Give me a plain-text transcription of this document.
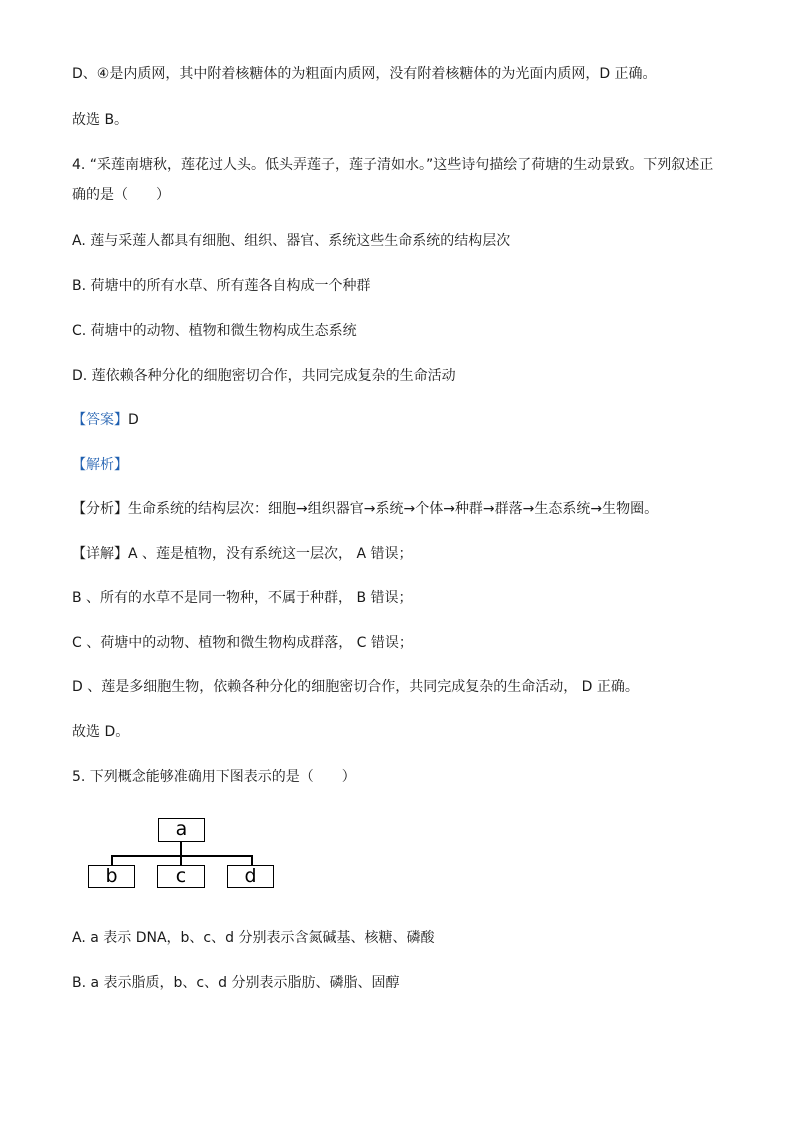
D、④是内质网，其中附着核糖体的为粗面内质网，没有附着核糖体的为光面内质网，D 正确。
故选 B。
4. “采莲南塘秋，莲花过人头。低头弄莲子，莲子清如水。”这些诗句描绘了荷塘的生动景致。下列叙述正
确的是（　　）
A. 莲与采莲人都具有细胞、组织、器官、系统这些生命系统的结构层次
B. 荷塘中的所有水草、所有莲各自构成一个种群
C. 荷塘中的动物、植物和微生物构成生态系统
D. 莲依赖各种分化的细胞密切合作，共同完成复杂的生命活动
【答案】D
【解析】
【分析】生命系统的结构层次：细胞→组织器官→系统→个体→种群→群落→生态系统→生物圈。
【详解】A 、莲是植物，没有系统这一层次， A 错误；
B 、所有的水草不是同一物种，不属于种群， B 错误；
C 、荷塘中的动物、植物和微生物构成群落， C 错误；
D 、莲是多细胞生物，依赖各种分化的细胞密切合作，共同完成复杂的生命活动， D 正确。
故选 D。
5. 下列概念能够准确用下图表示的是（　　）
a
b	c	d
A. a 表示 DNA，b、c、d 分别表示含氮碱基、核糖、磷酸
B. a 表示脂质，b、c、d 分别表示脂肪、磷脂、固醇
